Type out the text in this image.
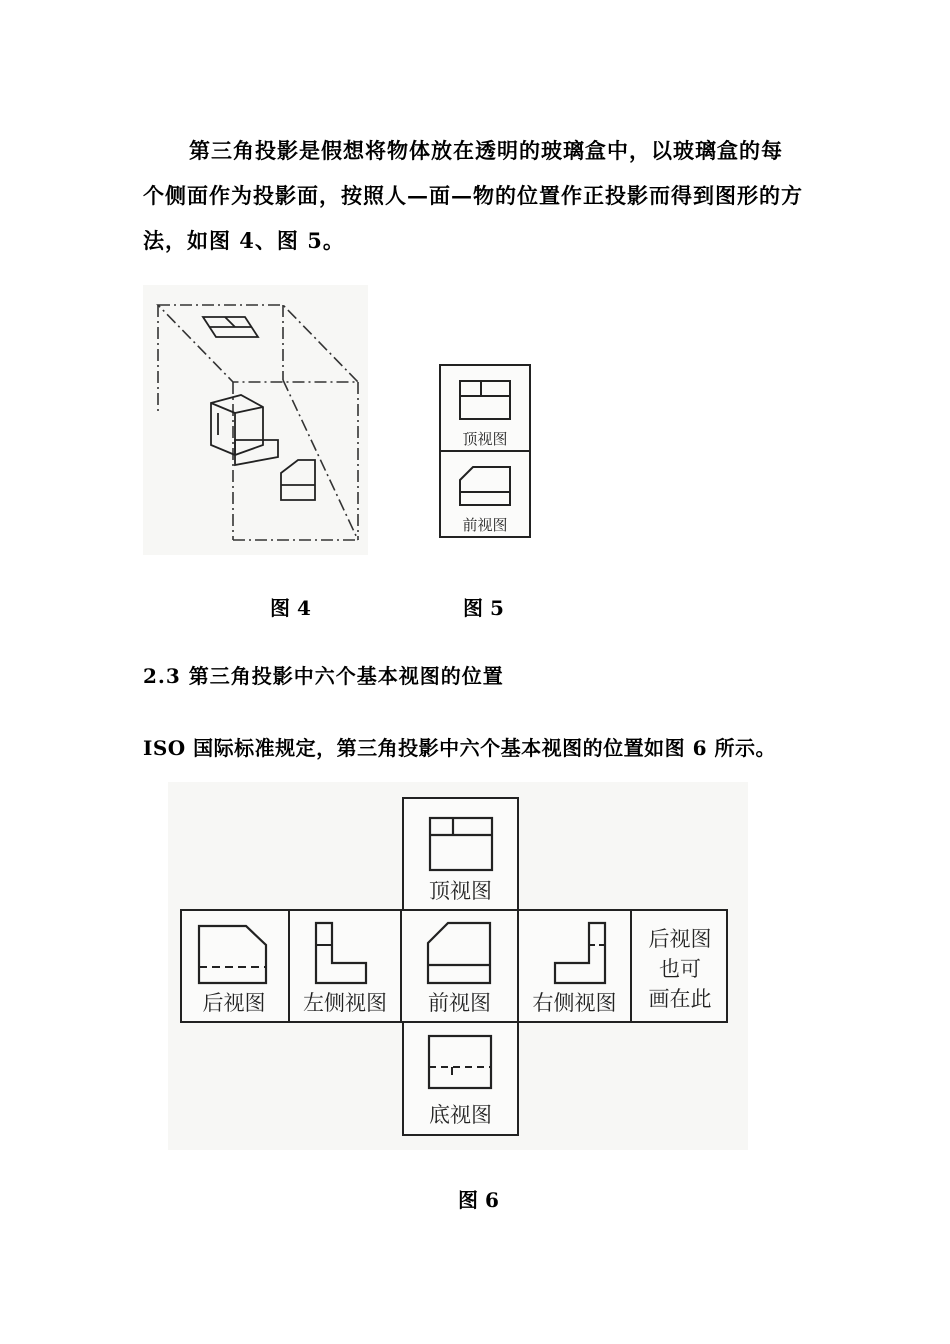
第三角投影是假想将物体放在透明的玻璃盒中，以玻璃盒的每个侧面作为投影面，按照人—面—物的位置作正投影而得到图形的方法，如图 4、图 5。
顶视图
前视图
图 4	图 5
2.3 第三角投影中六个基本视图的位置
ISO 国际标准规定，第三角投影中六个基本视图的位置如图 6 所示。
顶视图
后视图	左侧视图	前视图	右侧视图
后视图
也可
画在此
底视图
图 6
